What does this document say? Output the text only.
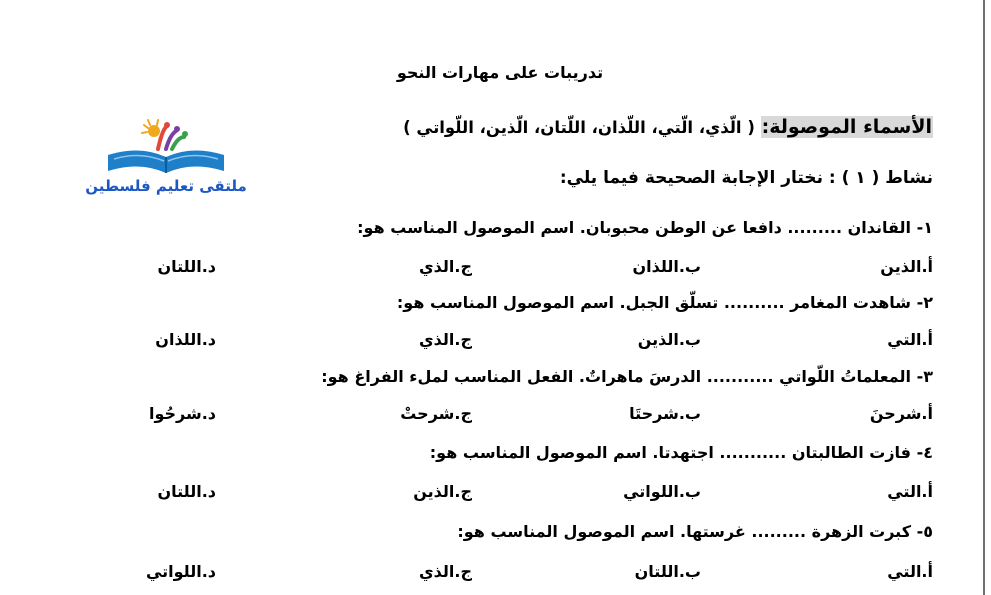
تدريبات على مهارات النحو
الأسماء الموصولة: ( الّذي، الّتي، اللّذان، اللّتان، الّذين، اللّواتي )
ملتقى تعليم فلسطين	نشاط ( ١ ) : نختار الإجابة الصحيحة فيما يلي:
١- القاندان ......... دافعا عن الوطن محبوبان. اسم الموصول المناسب هو:
أ.الذين
ب.اللذان
ج.الذي
د.اللتان
٢- شاهدت المغامر .......... تسلّق الجبل. اسم الموصول المناسب هو:
أ.التي
ب.الذين
ج.الذي
د.اللذان
٣- المعلماتُ اللّواتي ........... الدرسَ ماهراتٌ. الفعل المناسب لملء الفراغ هو:
أ.شرحنَ
ب.شرحتَا
ج.شرحتْ
د.شرحُوا
٤- فازت الطالبتان ........... اجتهدتا. اسم الموصول المناسب هو:
أ.التي
ب.اللواتي
ج.الذين
د.اللتان
٥- كبرت الزهرة ......... غرستها. اسم الموصول المناسب هو:
أ.التي
ب.اللتان
ج.الذي
د.اللواتي
